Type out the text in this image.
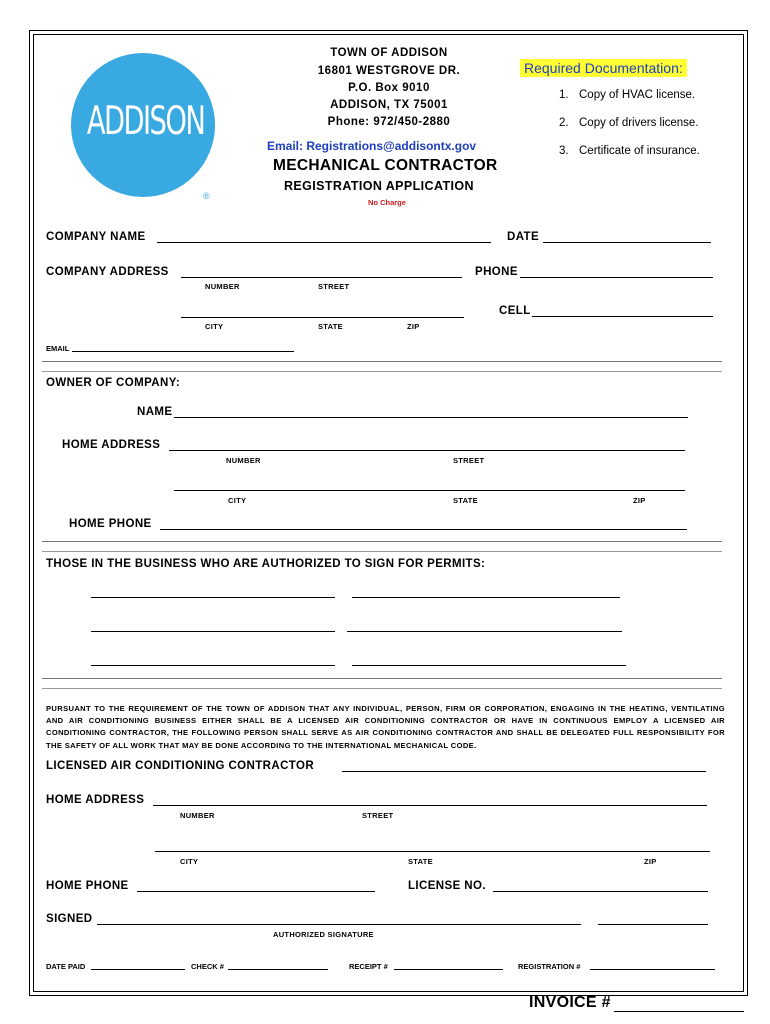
ADDISON
®
TOWN OF ADDISON
16801 WESTGROVE DR.
P.O. Box 9010
ADDISON, TX 75001
Phone: 972/450-2880
Email: Registrations@addisontx.gov
MECHANICAL CONTRACTOR
REGISTRATION APPLICATION
No Charge
Required Documentation:
1. Copy of HVAC license.
2. Copy of drivers license.
3. Certificate of insurance.
COMPANY NAME	DATE
COMPANY ADDRESS	PHONE
NUMBER	STREET
CELL
CITY	STATE	ZIP
EMAIL
OWNER OF COMPANY:
NAME
HOME ADDRESS
NUMBER	STREET
CITY	STATE	ZIP
HOME PHONE
THOSE IN THE BUSINESS WHO ARE AUTHORIZED TO SIGN FOR PERMITS:
PURSUANT TO THE REQUIREMENT OF THE TOWN OF ADDISON THAT ANY INDIVIDUAL, PERSON, FIRM OR CORPORATION, ENGAGING IN THE HEATING, VENTILATING AND AIR CONDITIONING BUSINESS EITHER SHALL BE A LICENSED AIR CONDITIONING CONTRACTOR OR HAVE IN CONTINUOUS EMPLOY A LICENSED AIR CONDITIONING CONTRACTOR, THE FOLLOWING PERSON SHALL SERVE AS AIR CONDITIONING CONTRACTOR AND SHALL BE DELEGATED FULL RESPONSIBILITY FOR THE SAFETY OF ALL WORK THAT MAY BE DONE ACCORDING TO THE INTERNATIONAL MECHANICAL CODE.
LICENSED AIR CONDITIONING CONTRACTOR
HOME ADDRESS
NUMBER	STREET
CITY	STATE	ZIP
HOME PHONE	LICENSE NO.
SIGNED
AUTHORIZED SIGNATURE
DATE PAID	CHECK #	RECEIPT #	REGISTRATION #
INVOICE #
